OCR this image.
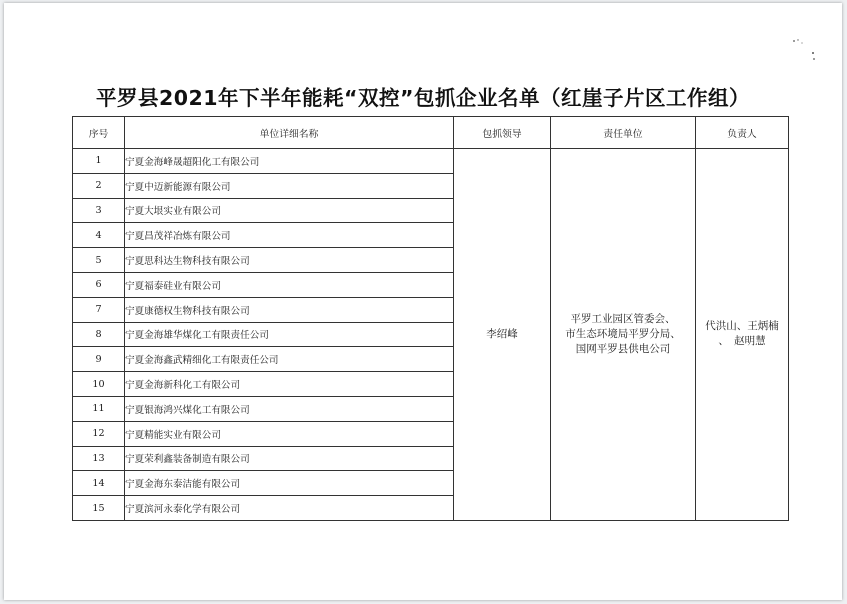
平罗县2021年下半年能耗“双控”包抓企业名单（红崖子片区工作组）
序号	单位详细名称	包抓领导	责任单位	负责人
1	宁夏金海峰晟超阳化工有限公司	李绍峰	平罗工业园区管委会、
市生态环境局平罗分局、
国网平罗县供电公司	代洪山、王炳楠
、　赵明慧

2	宁夏中迈新能源有限公司			
3	宁夏大垠实业有限公司			
4	宁夏昌茂祥冶炼有限公司			
5	宁夏思科达生物科技有限公司			
6	宁夏福泰硅业有限公司			
7	宁夏康德权生物科技有限公司			
8	宁夏金海雄华煤化工有限责任公司			
9	宁夏金海鑫武精细化工有限责任公司			
10	宁夏金海新科化工有限公司			
11	宁夏银海鸿兴煤化工有限公司			
12	宁夏精能实业有限公司			
13	宁夏荣利鑫装备制造有限公司			
14	宁夏金海东泰洁能有限公司			
15	宁夏滨河永泰化学有限公司			
